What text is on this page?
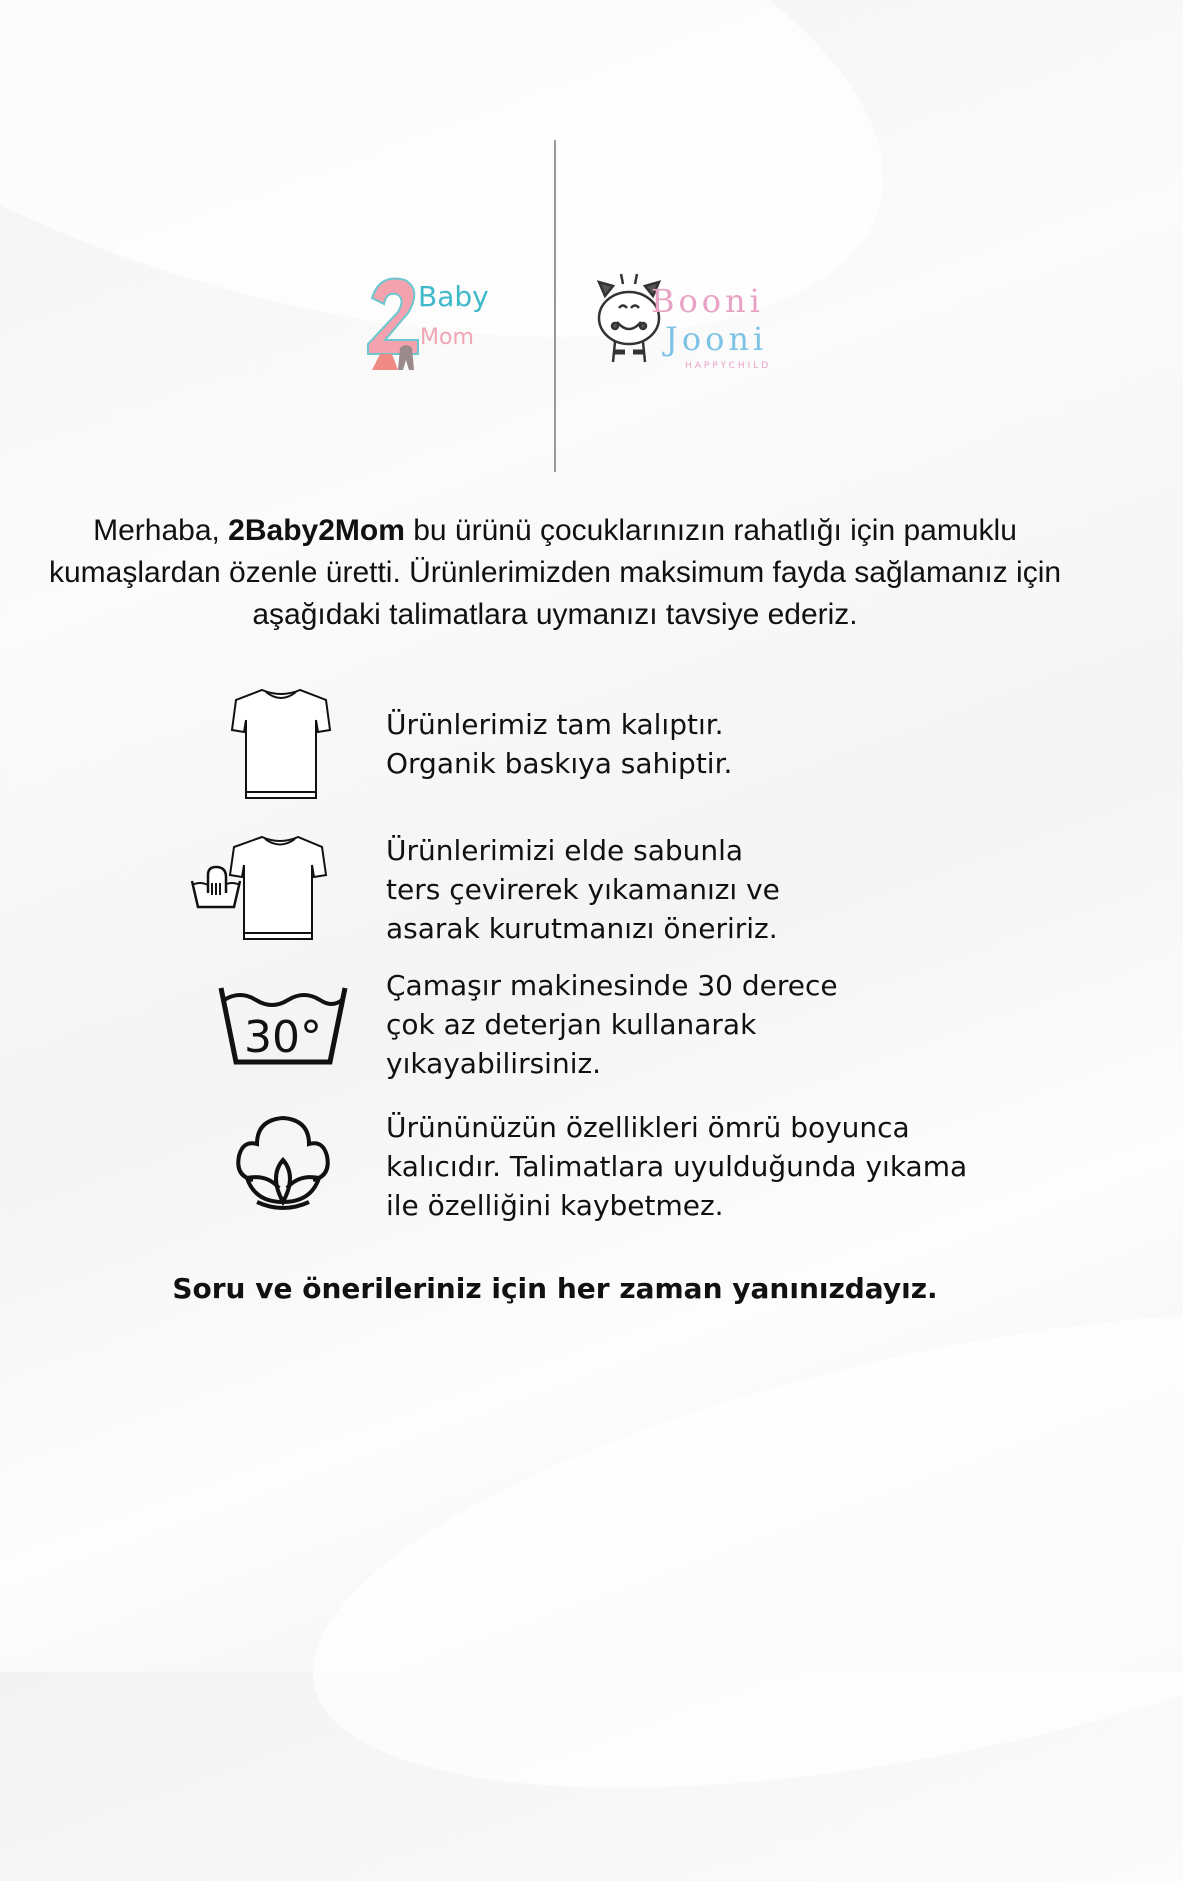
Baby
Mom
Booni
Jooni
HAPPYCHILD
Merhaba, 2Baby2Mom bu ürünü çocuklarınızın rahatlığı için pamuklu kumaşlardan özenle üretti. Ürünlerimizden maksimum fayda sağlamanız için aşağıdaki talimatlara uymanızı tavsiye ederiz.
30°
Ürünlerimiz tam kalıptır.
Organik baskıya sahiptir.
Ürünlerimizi elde sabunla
ters çevirerek yıkamanızı ve
asarak kurutmanızı öneririz.
Çamaşır makinesinde 30 derece
çok az deterjan kullanarak
yıkayabilirsiniz.
Ürününüzün özellikleri ömrü boyunca
kalıcıdır. Talimatlara uyulduğunda yıkama
ile özelliğini kaybetmez.
Soru ve önerileriniz için her zaman yanınızdayız.
